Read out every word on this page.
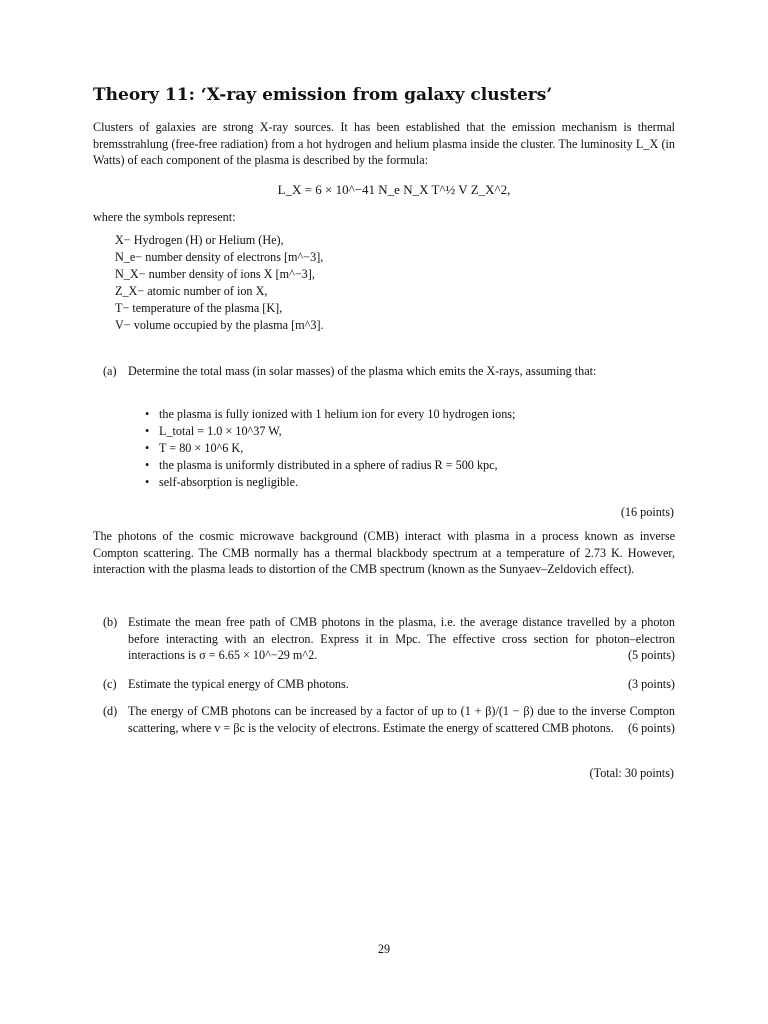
Theory 11: ‘X-ray emission from galaxy clusters’
Clusters of galaxies are strong X-ray sources. It has been established that the emission mechanism is thermal bremsstrahlung (free-free radiation) from a hot hydrogen and helium plasma inside the cluster. The luminosity L_X (in Watts) of each component of the plasma is described by the formula:
L_X = 6 × 10^−41 N_e N_X T^½ V Z_X^2,
where the symbols represent:
X− Hydrogen (H) or Helium (He),
N_e− number density of electrons [m^−3],
N_X− number density of ions X [m^−3],
Z_X− atomic number of ion X,
T− temperature of the plasma [K],
V− volume occupied by the plasma [m^3].
(a) Determine the total mass (in solar masses) of the plasma which emits the X-rays, assuming that:
• the plasma is fully ionized with 1 helium ion for every 10 hydrogen ions;
• L_total = 1.0 × 10^37 W,
• T = 80 × 10^6 K,
• the plasma is uniformly distributed in a sphere of radius R = 500 kpc,
• self-absorption is negligible.
(16 points)
The photons of the cosmic microwave background (CMB) interact with plasma in a process known as inverse Compton scattering. The CMB normally has a thermal blackbody spectrum at a temperature of 2.73 K. However, interaction with the plasma leads to distortion of the CMB spectrum (known as the Sunyaev–Zeldovich effect).
(b) Estimate the mean free path of CMB photons in the plasma, i.e. the average distance travelled by a photon before interacting with an electron. Express it in Mpc. The effective cross section for photon–electron interactions is σ = 6.65 × 10^−29 m^2.	(5 points)
(c) Estimate the typical energy of CMB photons.	(3 points)
(d) The energy of CMB photons can be increased by a factor of up to (1 + β)/(1 − β) due to the inverse Compton scattering, where v = βc is the velocity of electrons. Estimate the energy of scattered CMB photons. (6 points)
(Total: 30 points)
29
